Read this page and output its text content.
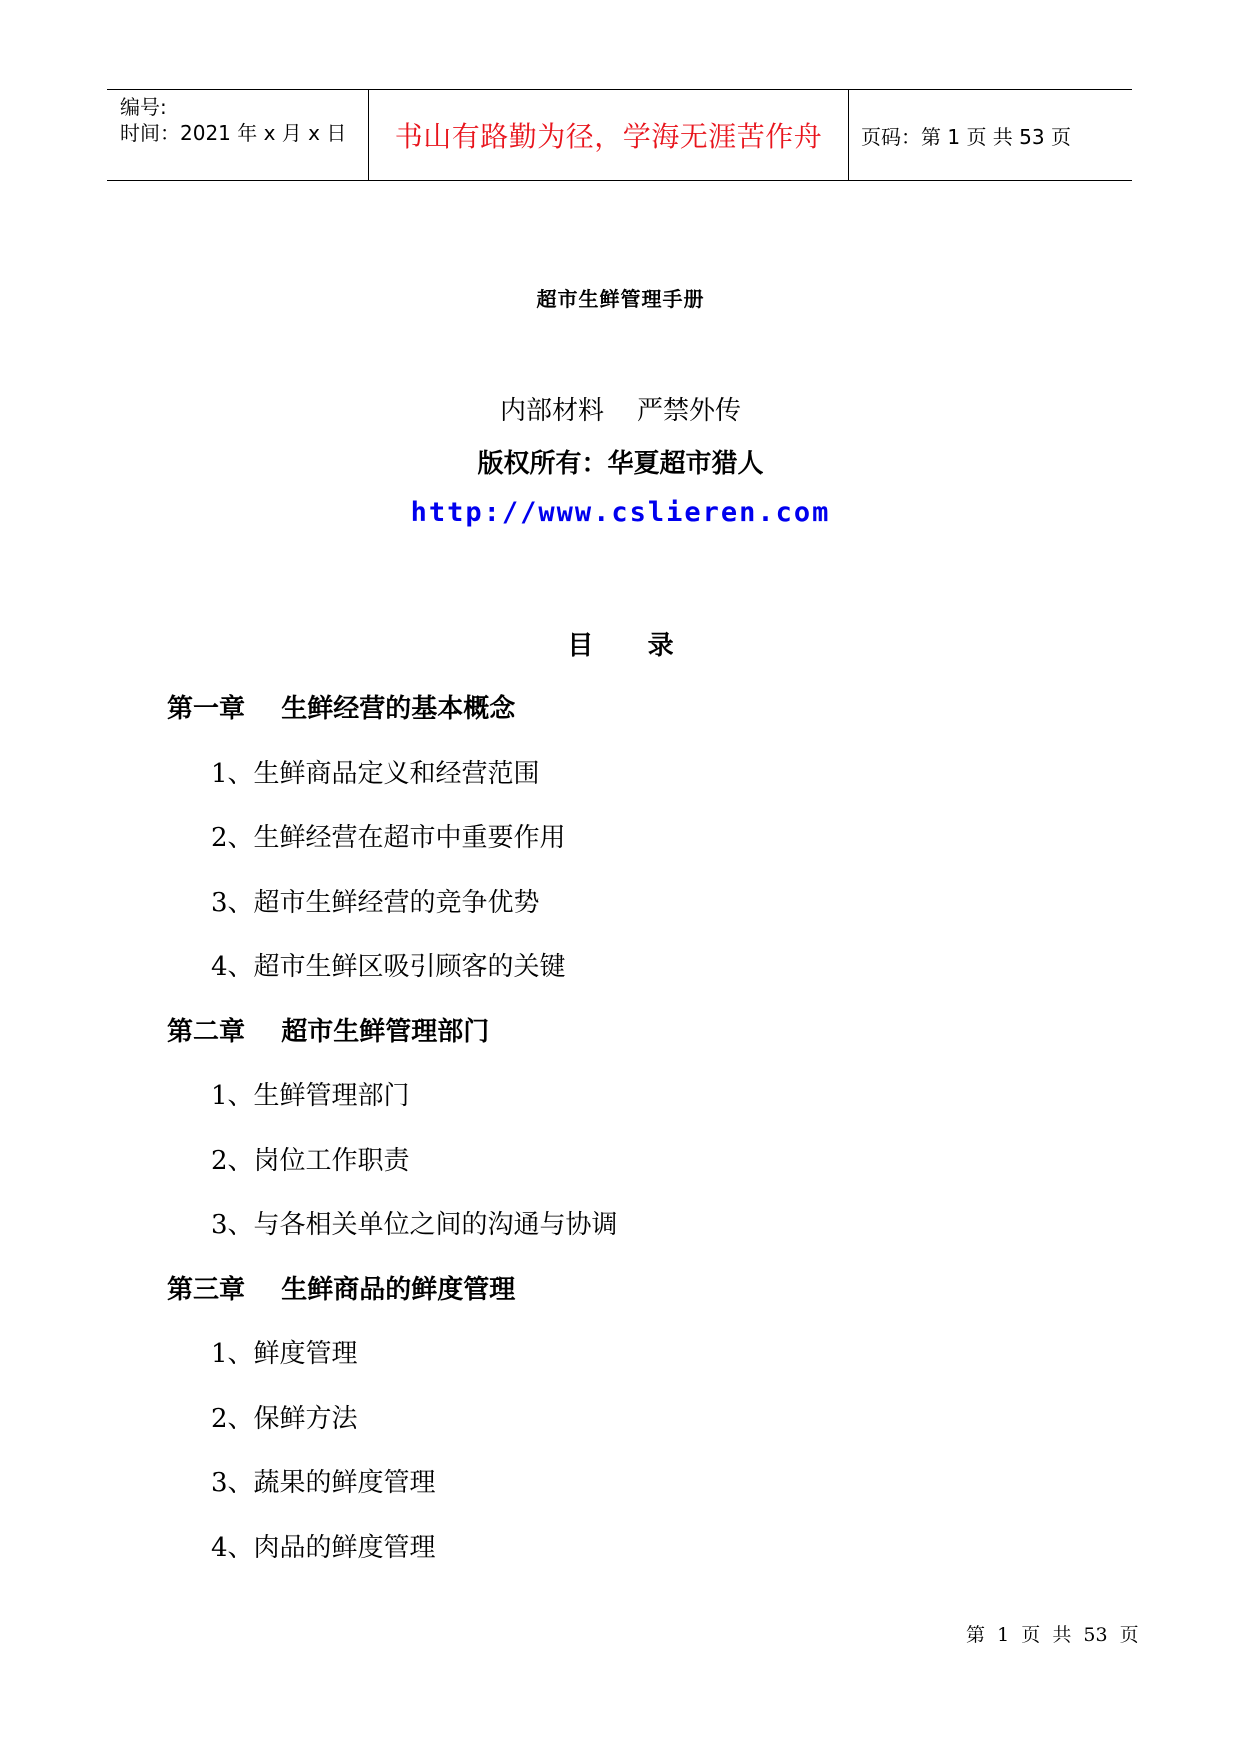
编号:
时间：2021 年 x 月 x 日 书山有路勤为径，学海无涯苦作舟 页码：第 1 页 共 53 页
超市生鲜管理手册
内部材料    严禁外传
版权所有：华夏超市猎人
http://www.cslieren.com
目      录
第一章    生鲜经营的基本概念
1、生鲜商品定义和经营范围
2、生鲜经营在超市中重要作用
3、超市生鲜经营的竞争优势
4、超市生鲜区吸引顾客的关键
第二章    超市生鲜管理部门
1、生鲜管理部门
2、岗位工作职责
3、与各相关单位之间的沟通与协调
第三章    生鲜商品的鲜度管理
1、鲜度管理
2、保鲜方法
3、蔬果的鲜度管理
4、肉品的鲜度管理
第  1  页  共  53  页
